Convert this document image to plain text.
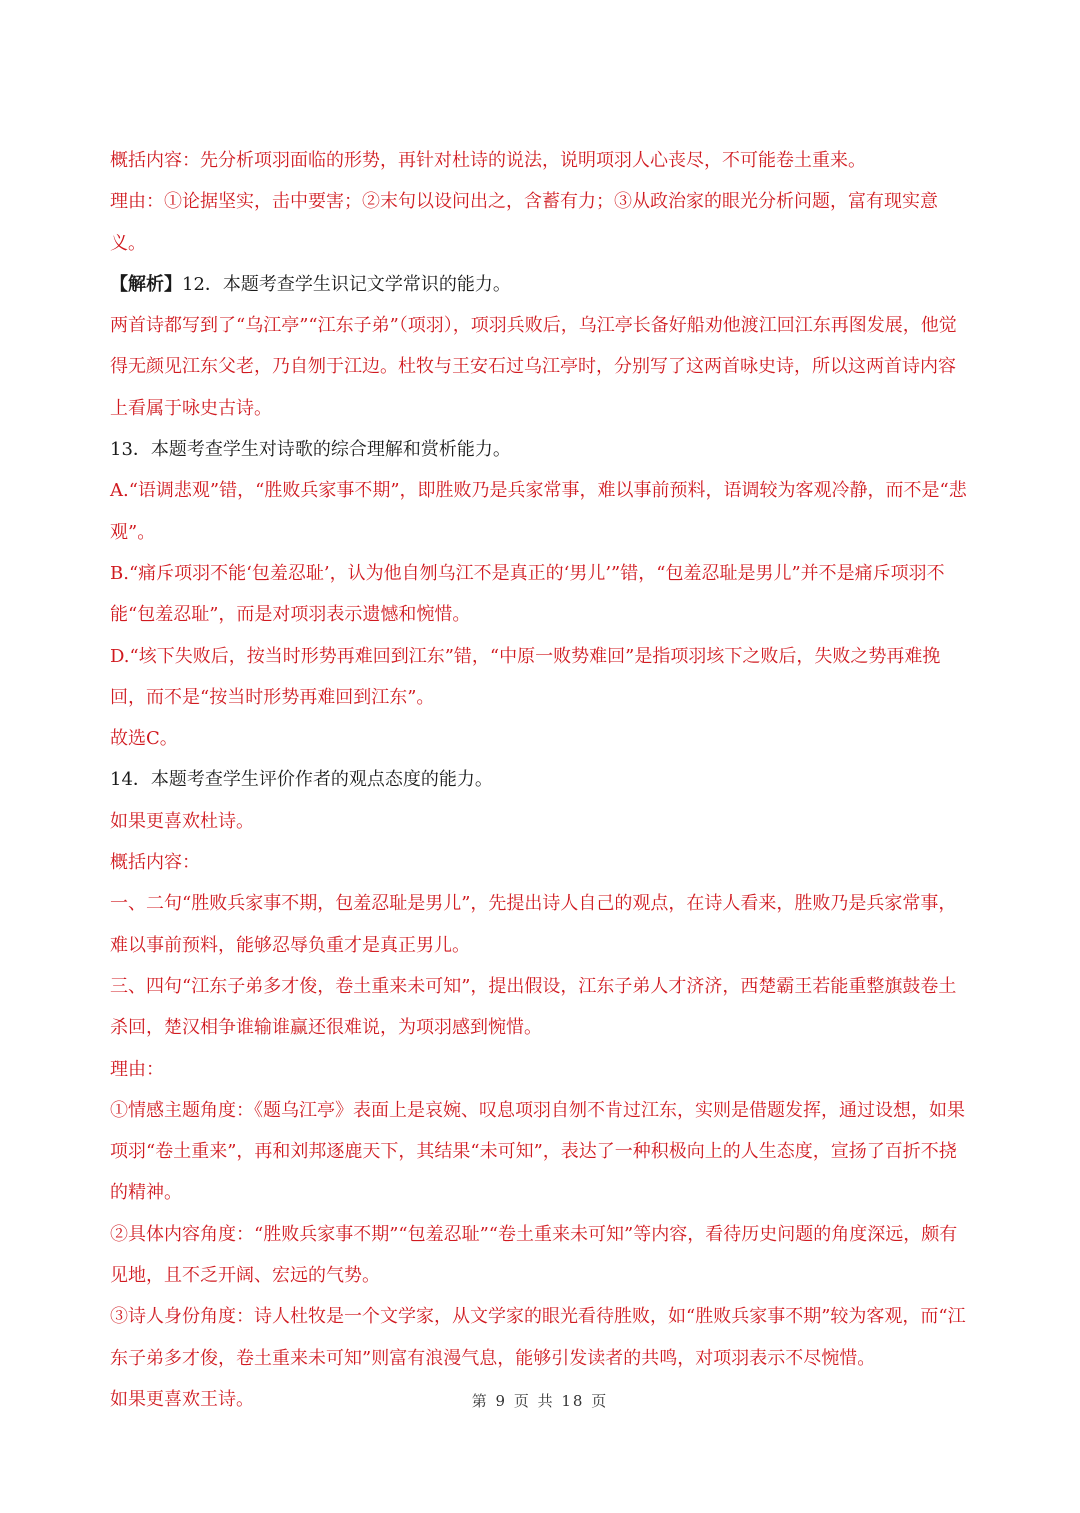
概括内容：先分析项羽面临的形势，再针对杜诗的说法，说明项羽人心丧尽，不可能卷土重来。

理由：①论据坚实，击中要害；②末句以设问出之，含蓄有力；③从政治家的眼光分析问题，富有现实意义。

【解析】12．本题考查学生识记文学常识的能力。

两首诗都写到了“乌江亭”“江东子弟”（项羽），项羽兵败后，乌江亭长备好船劝他渡江回江东再图发展，他觉得无颜见江东父老，乃自刎于江边。杜牧与王安石过乌江亭时，分别写了这两首咏史诗，所以这两首诗内容上看属于咏史古诗。

13．本题考查学生对诗歌的综合理解和赏析能力。

A.“语调悲观”错，“胜败兵家事不期”，即胜败乃是兵家常事，难以事前预料，语调较为客观冷静，而不是“悲观”。

B.“痛斥项羽不能‘包羞忍耻’，认为他自刎乌江不是真正的‘男儿’”错，“包羞忍耻是男儿”并不是痛斥项羽不能“包羞忍耻”，而是对项羽表示遗憾和惋惜。

D.“垓下失败后，按当时形势再难回到江东”错，“中原一败势难回”是指项羽垓下之败后，失败之势再难挽回，而不是“按当时形势再难回到江东”。

故选C。

14．本题考查学生评价作者的观点态度的能力。

如果更喜欢杜诗。

概括内容：

一、二句“胜败兵家事不期，包羞忍耻是男儿”，先提出诗人自己的观点，在诗人看来，胜败乃是兵家常事，难以事前预料，能够忍辱负重才是真正男儿。

三、四句“江东子弟多才俊，卷土重来未可知”，提出假设，江东子弟人才济济，西楚霸王若能重整旗鼓卷土杀回，楚汉相争谁输谁赢还很难说，为项羽感到惋惜。

理由：

①情感主题角度：《题乌江亭》表面上是哀婉、叹息项羽自刎不肯过江东，实则是借题发挥，通过设想，如果项羽“卷土重来”，再和刘邦逐鹿天下，其结果“未可知”，表达了一种积极向上的人生态度，宣扬了百折不挠的精神。

②具体内容角度：“胜败兵家事不期”“包羞忍耻”“卷土重来未可知”等内容，看待历史问题的角度深远，颇有见地，且不乏开阔、宏远的气势。

③诗人身份角度：诗人杜牧是一个文学家，从文学家的眼光看待胜败，如“胜败兵家事不期”较为客观，而“江东子弟多才俊，卷土重来未可知”则富有浪漫气息，能够引发读者的共鸣，对项羽表示不尽惋惜。

如果更喜欢王诗。	第 9 页 共 18 页
